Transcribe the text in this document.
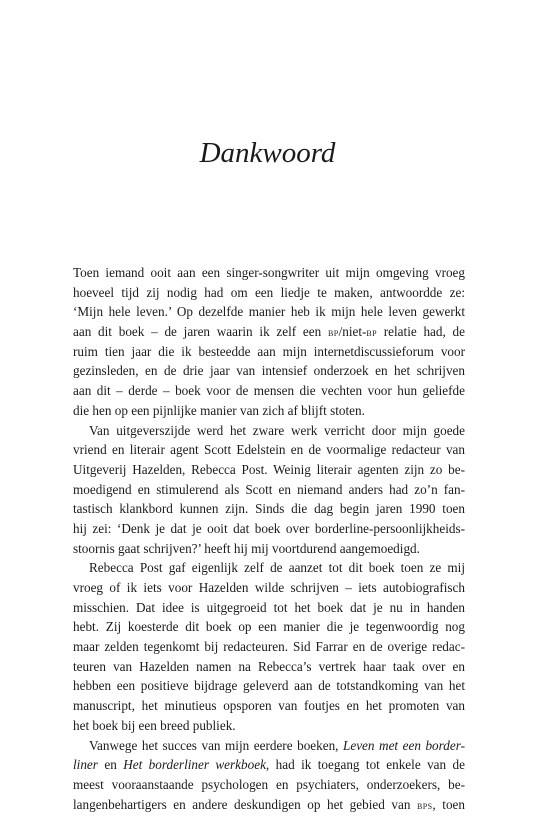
Dankwoord
Toen iemand ooit aan een singer-songwriter uit mijn omgeving vroeg
hoeveel tijd zij nodig had om een liedje te maken, antwoordde ze:
‘Mijn hele leven.’ Op dezelfde manier heb ik mijn hele leven gewerkt
aan dit boek – de jaren waarin ik zelf een bp/niet-bp relatie had, de
ruim tien jaar die ik besteedde aan mijn internetdiscussieforum voor
gezinsleden, en de drie jaar van intensief onderzoek en het schrijven
aan dit – derde – boek voor de mensen die vechten voor hun geliefde
die hen op een pijnlijke manier van zich af blijft stoten.
Van uitgeverszijde werd het zware werk verricht door mijn goede
vriend en literair agent Scott Edelstein en de voormalige redacteur van
Uitgeverij Hazelden, Rebecca Post. Weinig literair agenten zijn zo be-
moedigend en stimulerend als Scott en niemand anders had zo’n fan-
tastisch klankbord kunnen zijn. Sinds die dag begin jaren 1990 toen
hij zei: ‘Denk je dat je ooit dat boek over borderline-persoonlijkheids-
stoornis gaat schrijven?’ heeft hij mij voortdurend aangemoedigd.
Rebecca Post gaf eigenlijk zelf de aanzet tot dit boek toen ze mij
vroeg of ik iets voor Hazelden wilde schrijven – iets autobiografisch
misschien. Dat idee is uitgegroeid tot het boek dat je nu in handen
hebt. Zij koesterde dit boek op een manier die je tegenwoordig nog
maar zelden tegenkomt bij redacteuren. Sid Farrar en de overige redac-
teuren van Hazelden namen na Rebecca’s vertrek haar taak over en
hebben een positieve bijdrage geleverd aan de totstandkoming van het
manuscript, het minutieus opsporen van foutjes en het promoten van
het boek bij een breed publiek.
Vanwege het succes van mijn eerdere boeken, Leven met een border-
liner en Het borderliner werkboek, had ik toegang tot enkele van de
meest vooraanstaande psychologen en psychiaters, onderzoekers, be-
langenbehartigers en andere deskundigen op het gebied van bps, toen
